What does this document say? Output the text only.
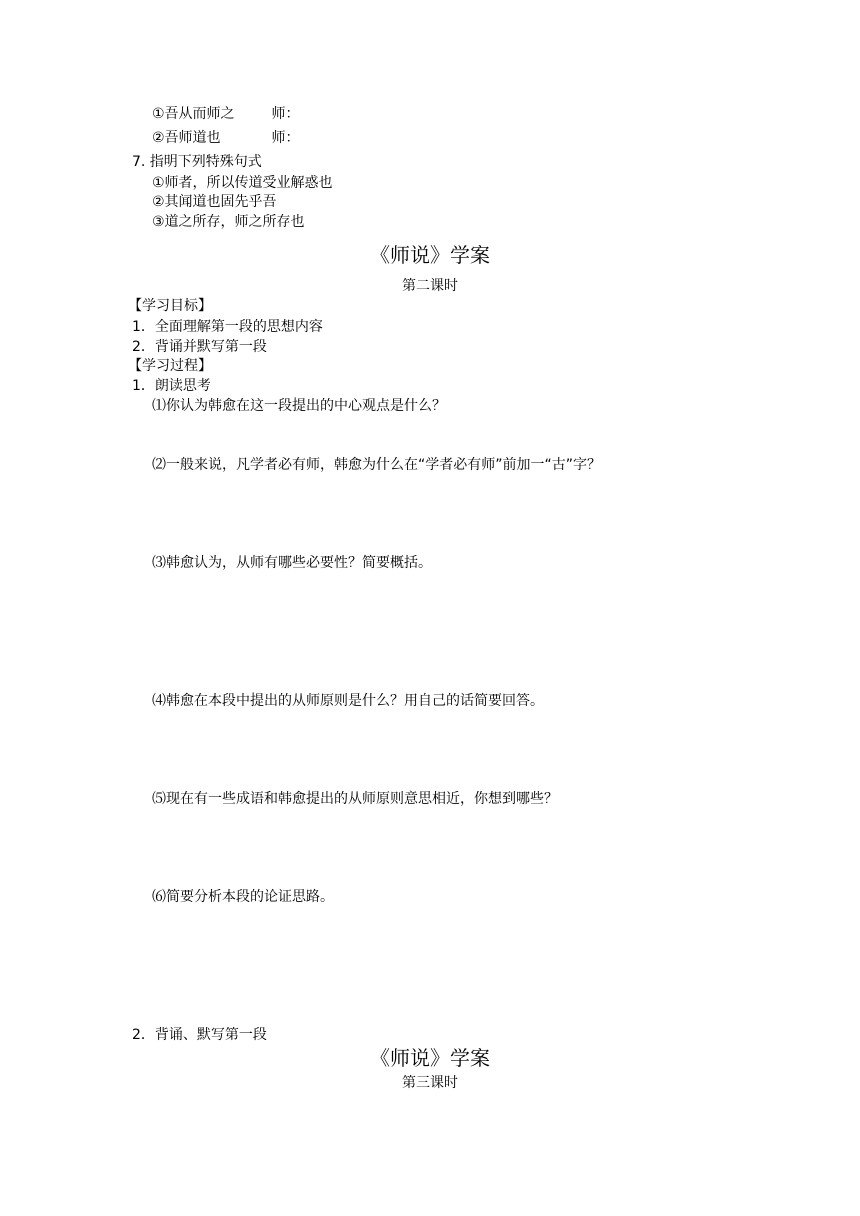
①吾从而师之	师：
②吾师道也	师：
7. 指明下列特殊句式
①师者，所以传道受业解惑也
②其闻道也固先乎吾
③道之所存，师之所存也
《师说》学案
第二课时
【学习目标】
1．全面理解第一段的思想内容
2．背诵并默写第一段
【学习过程】
1．朗读思考
⑴你认为韩愈在这一段提出的中心观点是什么？
⑵一般来说，凡学者必有师，韩愈为什么在“学者必有师”前加一“古”字？
⑶韩愈认为，从师有哪些必要性？简要概括。
⑷韩愈在本段中提出的从师原则是什么？用自己的话简要回答。
⑸现在有一些成语和韩愈提出的从师原则意思相近，你想到哪些？
⑹简要分析本段的论证思路。
2．背诵、默写第一段
《师说》学案
第三课时
